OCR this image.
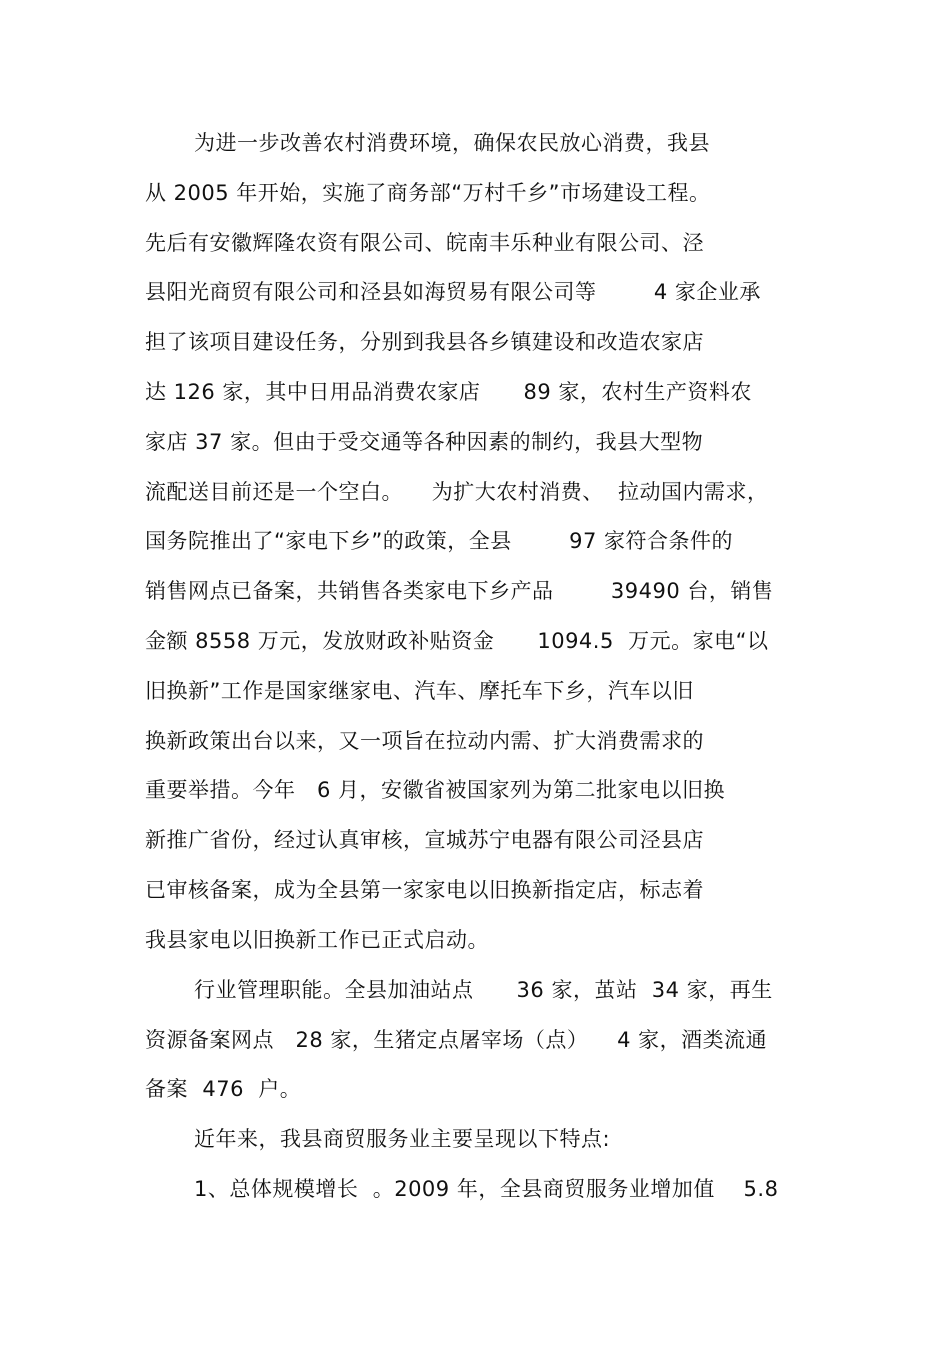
为进一步改善农村消费环境，确保农民放心消费，我县
从 2005 年开始，实施了商务部“万村千乡”市场建设工程。
先后有安徽辉隆农资有限公司、皖南丰乐种业有限公司、泾
县阳光商贸有限公司和泾县如海贸易有限公司等        4 家企业承
担了该项目建设任务，分别到我县各乡镇建设和改造农家店
达 126 家，其中日用品消费农家店      89 家，农村生产资料农
家店 37 家。但由于受交通等各种因素的制约，我县大型物
流配送目前还是一个空白。    为扩大农村消费、  拉动国内需求，
国务院推出了“家电下乡”的政策，全县        97 家符合条件的
销售网点已备案，共销售各类家电下乡产品        39490 台，销售
金额 8558 万元，发放财政补贴资金      1094.5  万元。家电“以
旧换新”工作是国家继家电、汽车、摩托车下乡，汽车以旧
换新政策出台以来，又一项旨在拉动内需、扩大消费需求的
重要举措。今年   6 月，安徽省被国家列为第二批家电以旧换
新推广省份，经过认真审核，宣城苏宁电器有限公司泾县店
已审核备案，成为全县第一家家电以旧换新指定店，标志着
我县家电以旧换新工作已正式启动。
行业管理职能。全县加油站点      36 家，茧站  34 家，再生
资源备案网点   28 家，生猪定点屠宰场（点）    4 家，酒类流通
备案  476  户。
近年来，我县商贸服务业主要呈现以下特点:
1、总体规模增长  。2009 年，全县商贸服务业增加值    5.8
